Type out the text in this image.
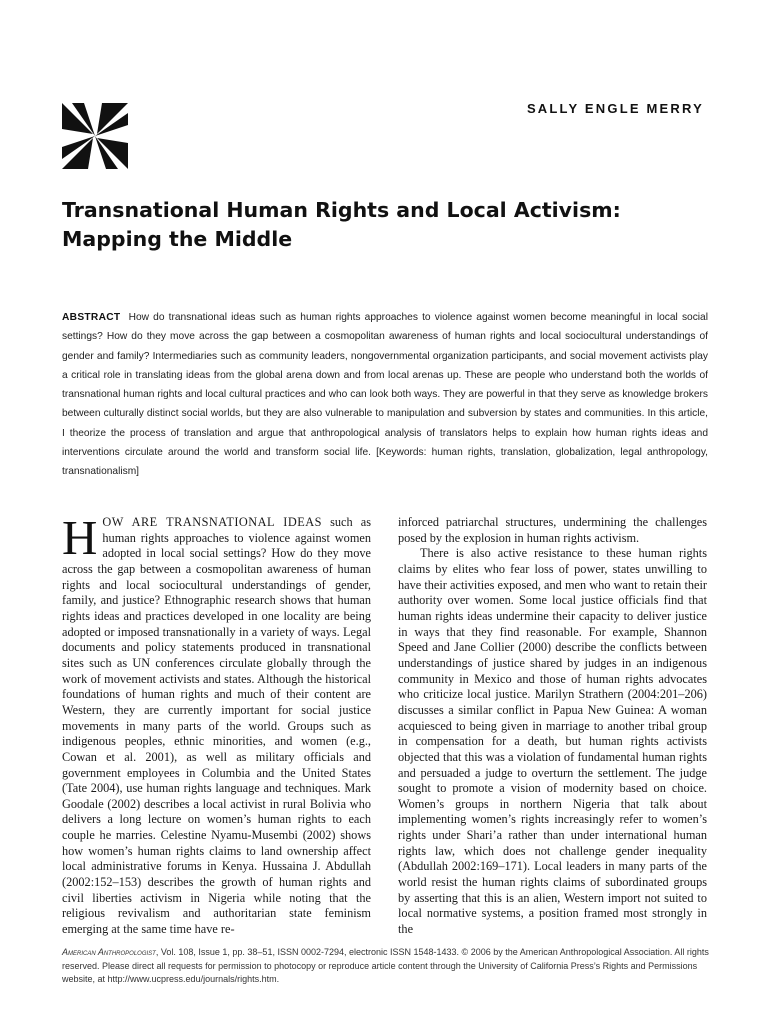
SALLY ENGLE MERRY
Transnational Human Rights and Local Activism:
Mapping the Middle

ABSTRACT How do transnational ideas such as human rights approaches to violence against women become meaningful in local social settings? How do they move across the gap between a cosmopolitan awareness of human rights and local sociocultural understandings of gender and family? Intermediaries such as community leaders, nongovernmental organization participants, and social movement activists play a critical role in translating ideas from the global arena down and from local arenas up. These are people who understand both the worlds of transnational human rights and local cultural practices and who can look both ways. They are powerful in that they serve as knowledge brokers between culturally distinct social worlds, but they are also vulnerable to manipulation and subversion by states and communities. In this article, I theorize the process of translation and argue that anthropological analysis of translators helps to explain how human rights ideas and interventions circulate around the world and transform social life. [Keywords: human rights, translation, globalization, legal anthropology, transnationalism]

HOW ARE TRANSNATIONAL IDEAS such as human rights approaches to violence against women adopted in local social settings? How do they move across the gap between a cosmopolitan awareness of human rights and local sociocultural understandings of gender, family, and justice? Ethnographic research shows that human rights ideas and practices developed in one locality are being adopted or imposed transnationally in a variety of ways. Legal documents and policy statements produced in transnational sites such as UN conferences circulate globally through the work of movement activists and states. Although the historical foundations of human rights and much of their content are Western, they are currently important for social justice movements in many parts of the world. Groups such as indigenous peoples, ethnic minorities, and women (e.g., Cowan et al. 2001), as well as military officials and government employees in Columbia and the United States (Tate 2004), use human rights language and techniques. Mark Goodale (2002) describes a local activist in rural Bolivia who delivers a long lecture on women’s human rights to each couple he marries. Celestine Nyamu-Musembi (2002) shows how women’s human rights claims to land ownership affect local administrative forums in Kenya. Hussaina J. Abdullah (2002:152–153) describes the growth of human rights and civil liberties activism in Nigeria while noting that the religious revivalism and authoritarian state feminism emerging at the same time have re-

inforced patriarchal structures, undermining the challenges posed by the explosion in human rights activism.

There is also active resistance to these human rights claims by elites who fear loss of power, states unwilling to have their activities exposed, and men who want to retain their authority over women. Some local justice officials find that human rights ideas undermine their capacity to deliver justice in ways that they find reasonable. For example, Shannon Speed and Jane Collier (2000) describe the conflicts between understandings of justice shared by judges in an indigenous community in Mexico and those of human rights advocates who criticize local justice. Marilyn Strathern (2004:201–206) discusses a similar conflict in Papua New Guinea: A woman acquiesced to being given in marriage to another tribal group in compensation for a death, but human rights activists objected that this was a violation of fundamental human rights and persuaded a judge to overturn the settlement. The judge sought to promote a vision of modernity based on choice. Women’s groups in northern Nigeria that talk about implementing women’s rights increasingly refer to women’s rights under Shari’a rather than under international human rights law, which does not challenge gender inequality (Abdullah 2002:169–171). Local leaders in many parts of the world resist the human rights claims of subordinated groups by asserting that this is an alien, Western import not suited to local normative systems, a position framed most strongly in the

American Anthropologist, Vol. 108, Issue 1, pp. 38–51, ISSN 0002-7294, electronic ISSN 1548-1433. © 2006 by the American Anthropological Association. All rights reserved. Please direct all requests for permission to photocopy or reproduce article content through the University of California Press’s Rights and Permissions website, at http://www.ucpress.edu/journals/rights.htm.
